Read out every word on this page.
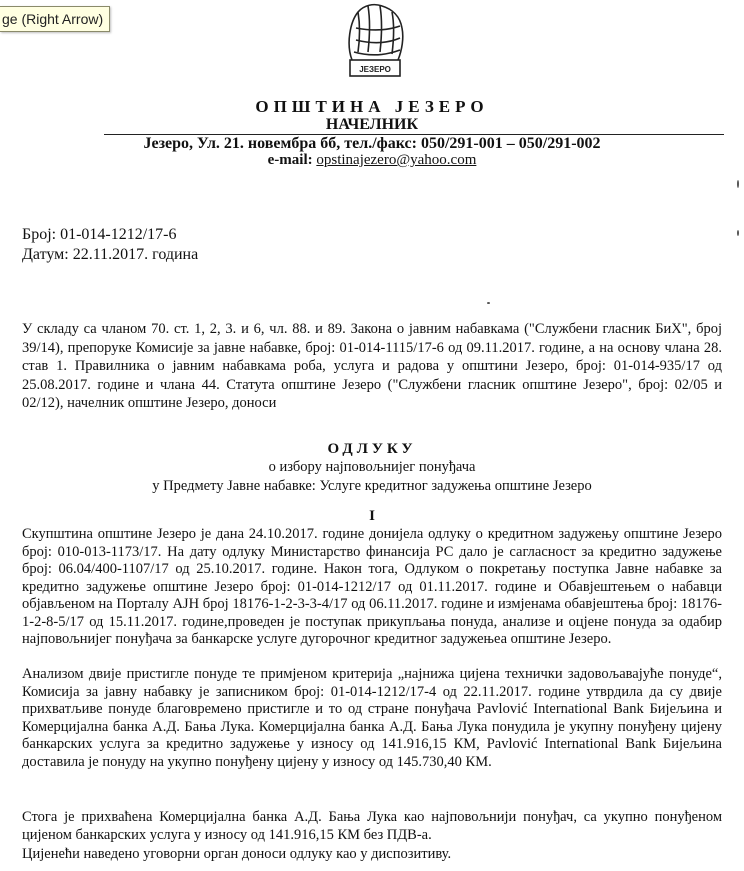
ge (Right Arrow)
ЈЕЗЕРО
ОПШТИНА ЈЕЗЕРО
НАЧЕЛНИК
Језеро, Ул. 21. новембра бб, тел./факс: 050/291-001 – 050/291-002
e-mail: opstinajezero@yahoo.com
Број: 01-014-1212/17-6
Датум: 22.11.2017. година
У складу са чланом 70. ст. 1, 2, 3. и 6, чл. 88. и 89. Закона о јавним набавкама ("Службени гласник БиХ", број 39/14), препоруке Комисије за јавне набавке, број: 01-014-1115/17-6 од 09.11.2017. године, а на основу члана 28. став 1. Правилника о јавним набавкама роба, услуга и радова у општини Језеро, број: 01-014-935/17 од 25.08.2017. године и члана 44. Статута општине Језеро ("Службени гласник општине Језеро", број: 02/05 и 02/12), начелник општине Језеро, доноси
ОДЛУКУ
о избору најповољнијег понуђача
у Предмету Јавне набавке: Услуге кредитног задужења општине Језеро
I
Скупштина општине Језеро је дана 24.10.2017. године донијела одлуку о кредитном задужењу општине Језеро број: 010-013-1173/17. На дату одлуку Министарство финансија РС дало је сагласност за кредитно задужење број: 06.04/400-1107/17 од 25.10.2017. године. Након тога, Одлуком о покретању поступка Јавне набавке за кредитно задужење општине Језеро број: 01-014-1212/17 од 01.11.2017. године и Обавјештењем о набавци објављеном на Порталу АЈН број 18176-1-2-3-3-4/17 од 06.11.2017. године и измјенама обавјештења број: 18176-1-2-8-5/17 од 15.11.2017. године,проведен је поступак прикупљања понуда, анализе и оцјене понуда за одабир најповољнијег понуђача за банкарске услуге дугорочног кредитног задужењеа општине Језеро.
Анализом двије пристигле понуде те примјеном критерија „најнижа цијена технички задовољавајуће понуде“, Комисија за јавну набавку је записником број: 01-014-1212/17-4 од 22.11.2017. године утврдила да су двије прихватљиве понуде благовремено пристигле и то од стране понуђача Pavlović International Bank Бијељина и Комерцијална банка А.Д. Бања Лука. Комерцијална банка А.Д. Бања Лука понудила је укупну понуђену цијену банкарских услуга за кредитно задужење у износу од 141.916,15 КМ, Pavlović International Bank Бијељина доставила је понуду на укупно понуђену цијену у износу од 145.730,40 КМ.
Стога је прихваћена Комерцијална банка А.Д. Бања Лука као најповољнији понуђач, са укупно понуђеном цијеном банкарских услуга у износу од 141.916,15 КМ без ПДВ-а.
Цијенећи наведено уговорни орган доноси одлуку као у диспозитиву.
